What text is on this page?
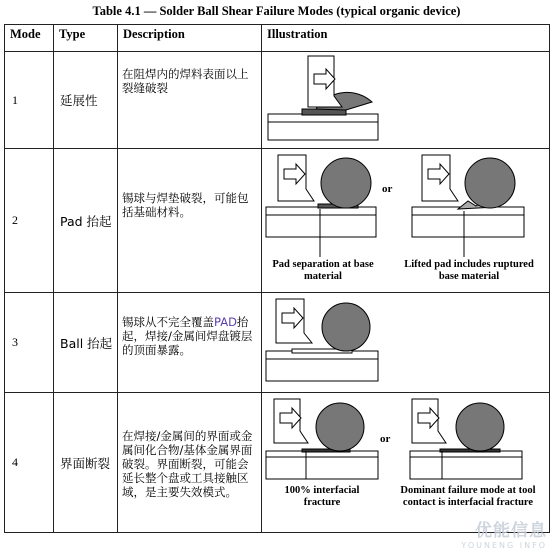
Table 4.1 — Solder Ball Shear Failure Modes (typical organic device)
Mode	Type	Description	Illustration
1	延展性	在阻焊内的焊料表面以上裂缝破裂	

2	Pad 抬起	锡球与焊垫破裂，可能包括基础材料。	or
Pad separation at base material
Lifted pad includes ruptured base material

3	Ball 抬起	锡球从不完全覆盖PAD抬起，焊接/金属间焊盘镀层的顶面暴露。	

4	界面断裂	在焊接/金属间的界面或金属间化合物/基体金属界面破裂。界面断裂，可能会延长整个盘或工具接触区域，是主要失效模式。	or
100% interfacial fracture
Dominant failure mode at tool contact is interfacial fracture
优能信息
YOUNENG INFO
